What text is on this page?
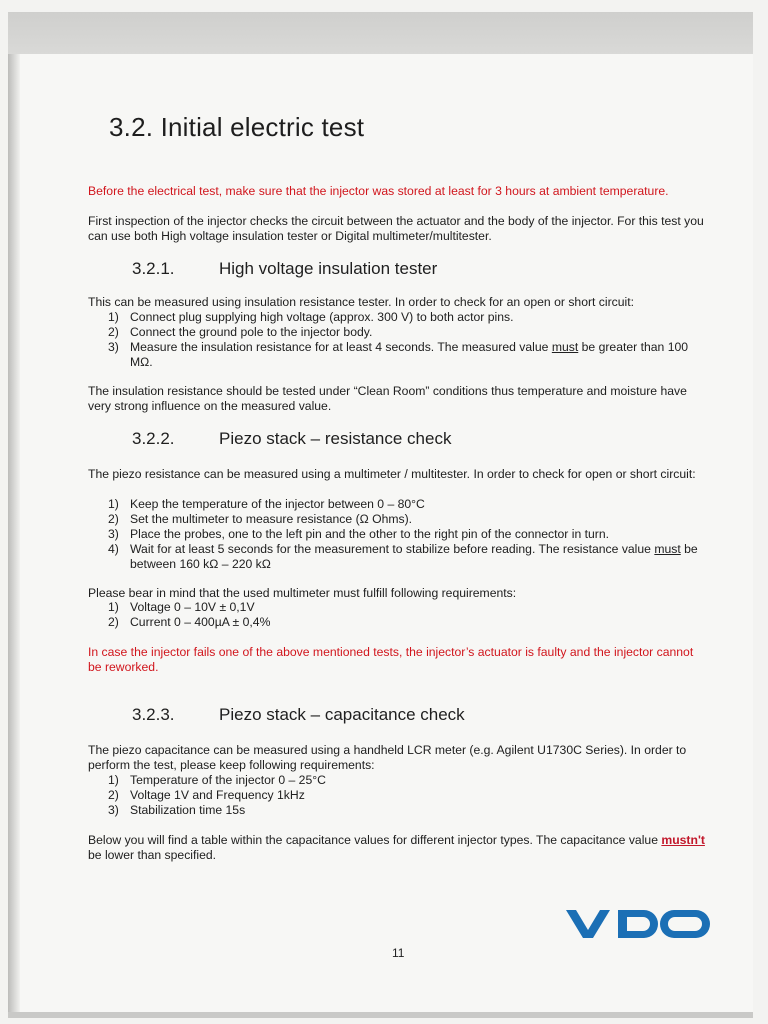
3.2. Initial electric test

Before the electrical test, make sure that the injector was stored at least for 3 hours at ambient temperature.

First inspection of the injector checks the circuit between the actuator and the body of the injector. For this test you can use both High voltage insulation tester or Digital multimeter/multitester.

3.2.1.	High voltage insulation tester

This can be measured using insulation resistance tester. In order to check for an open or short circuit:

1) Connect plug supplying high voltage (approx. 300 V) to both actor pins.
2) Connect the ground pole to the injector body.
3) Measure the insulation resistance for at least 4 seconds. The measured value must be greater than 100 MΩ.

The insulation resistance should be tested under “Clean Room” conditions thus temperature and moisture have very strong influence on the measured value.

3.2.2.	Piezo stack – resistance check

The piezo resistance can be measured using a multimeter / multitester. In order to check for open or short circuit:

1) Keep the temperature of the injector between 0 – 80°C
2) Set the multimeter to measure resistance (Ω Ohms).
3) Place the probes, one to the left pin and the other to the right pin of the connector in turn.
4) Wait for at least 5 seconds for the measurement to stabilize before reading. The resistance value must be between 160 kΩ – 220 kΩ

Please bear in mind that the used multimeter must fulfill following requirements:

1) Voltage 0 – 10V ± 0,1V
2) Current 0 – 400µA ± 0,4%

In case the injector fails one of the above mentioned tests, the injector’s actuator is faulty and the injector cannot be reworked.

3.2.3.	Piezo stack – capacitance check

The piezo capacitance can be measured using a handheld LCR meter (e.g. Agilent U1730C Series). In order to perform the test, please keep following requirements:

1) Temperature of the injector 0 – 25°C
2) Voltage 1V and Frequency 1kHz
3) Stabilization time 15s

Below you will find a table within the capacitance values for different injector types. The capacitance value mustn't be lower than specified.

11
